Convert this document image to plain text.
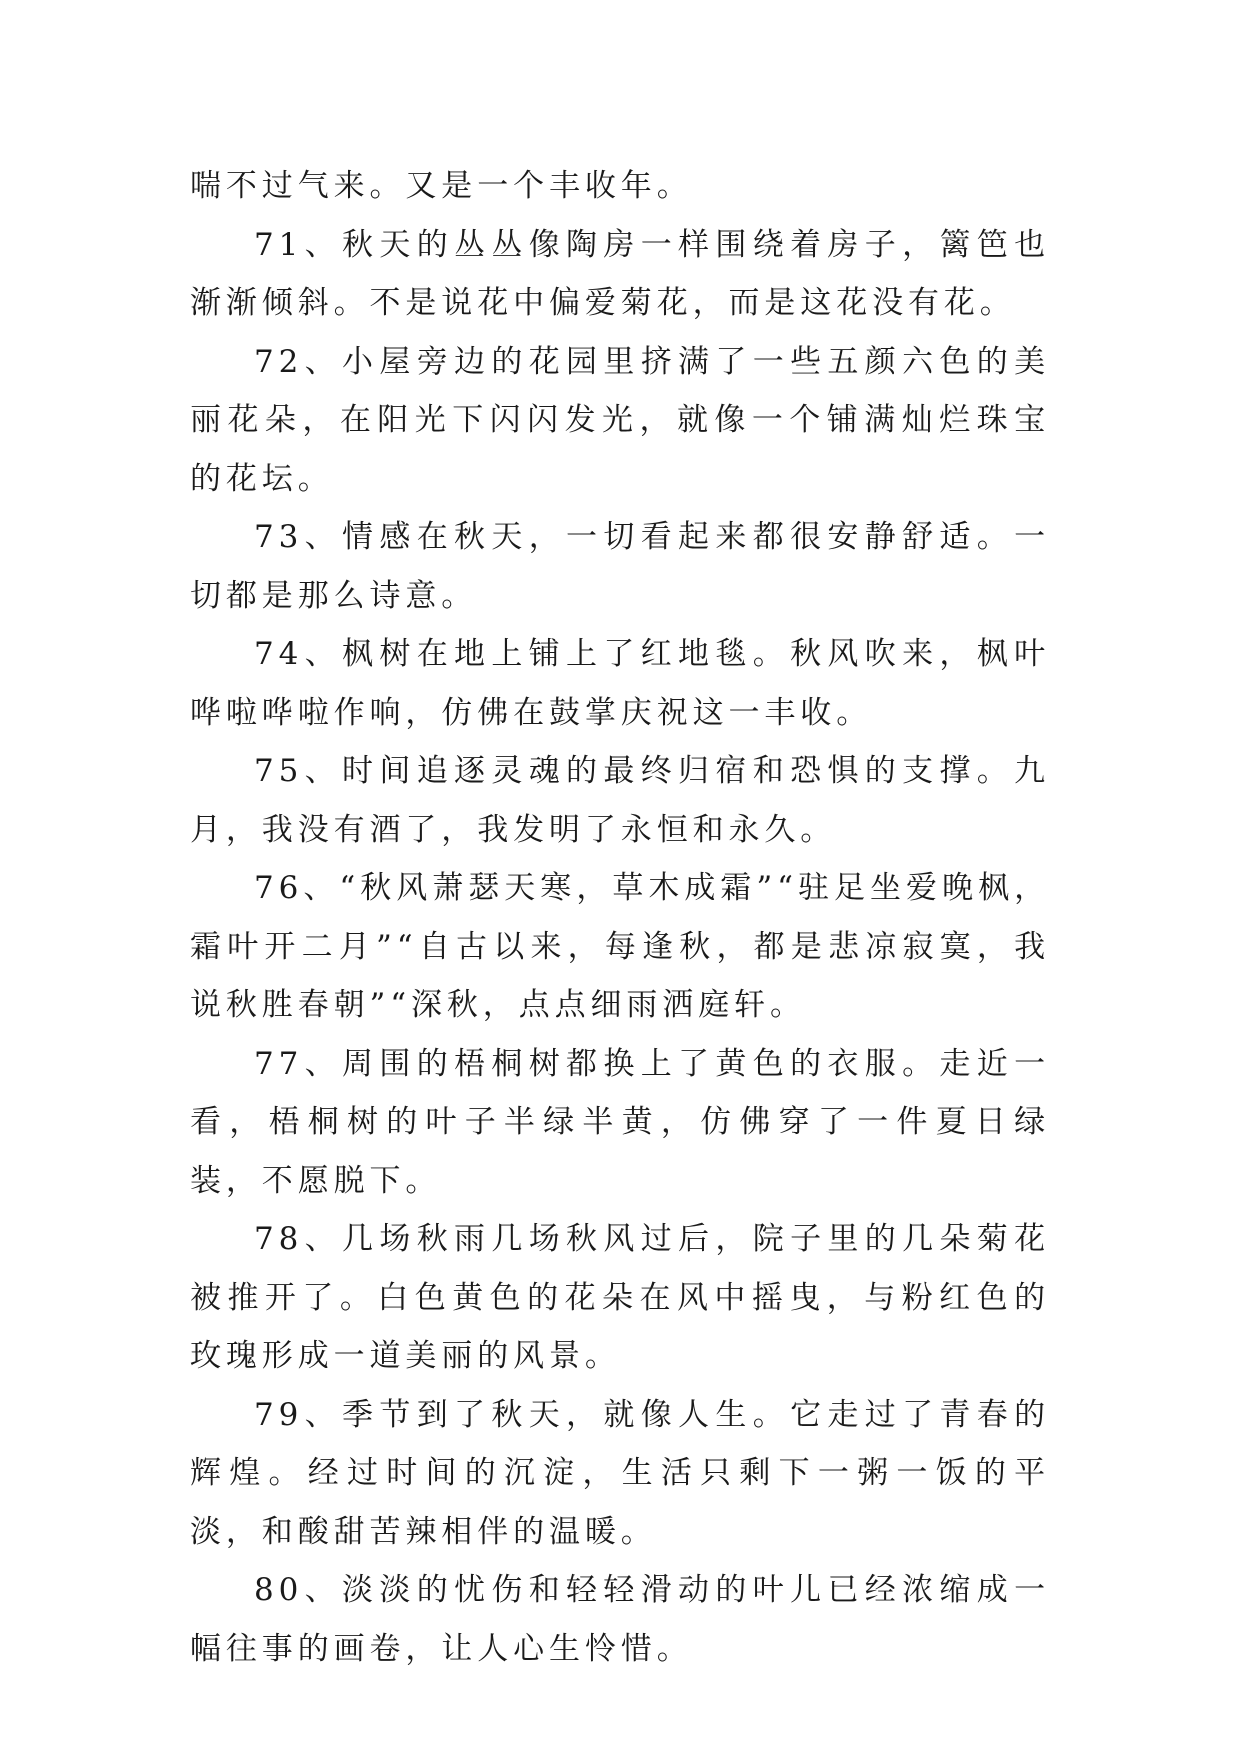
喘不过气来。又是一个丰收年。

71、秋天的丛丛像陶房一样围绕着房子，篱笆也渐渐倾斜。不是说花中偏爱菊花，而是这花没有花。

72、小屋旁边的花园里挤满了一些五颜六色的美丽花朵，在阳光下闪闪发光，就像一个铺满灿烂珠宝的花坛。

73、情感在秋天，一切看起来都很安静舒适。一切都是那么诗意。

74、枫树在地上铺上了红地毯。秋风吹来，枫叶哗啦哗啦作响，仿佛在鼓掌庆祝这一丰收。

75、时间追逐灵魂的最终归宿和恐惧的支撑。九月，我没有酒了，我发明了永恒和永久。

76、“秋风萧瑟天寒，草木成霜”“驻足坐爱晚枫，霜叶开二月”“自古以来，每逢秋，都是悲凉寂寞，我说秋胜春朝”“深秋，点点细雨洒庭轩。

77、周围的梧桐树都换上了黄色的衣服。走近一看，梧桐树的叶子半绿半黄，仿佛穿了一件夏日绿装，不愿脱下。

78、几场秋雨几场秋风过后，院子里的几朵菊花被推开了。白色黄色的花朵在风中摇曳，与粉红色的玫瑰形成一道美丽的风景。

79、季节到了秋天，就像人生。它走过了青春的辉煌。经过时间的沉淀，生活只剩下一粥一饭的平淡，和酸甜苦辣相伴的温暖。

80、淡淡的忧伤和轻轻滑动的叶儿已经浓缩成一幅往事的画卷，让人心生怜惜。
